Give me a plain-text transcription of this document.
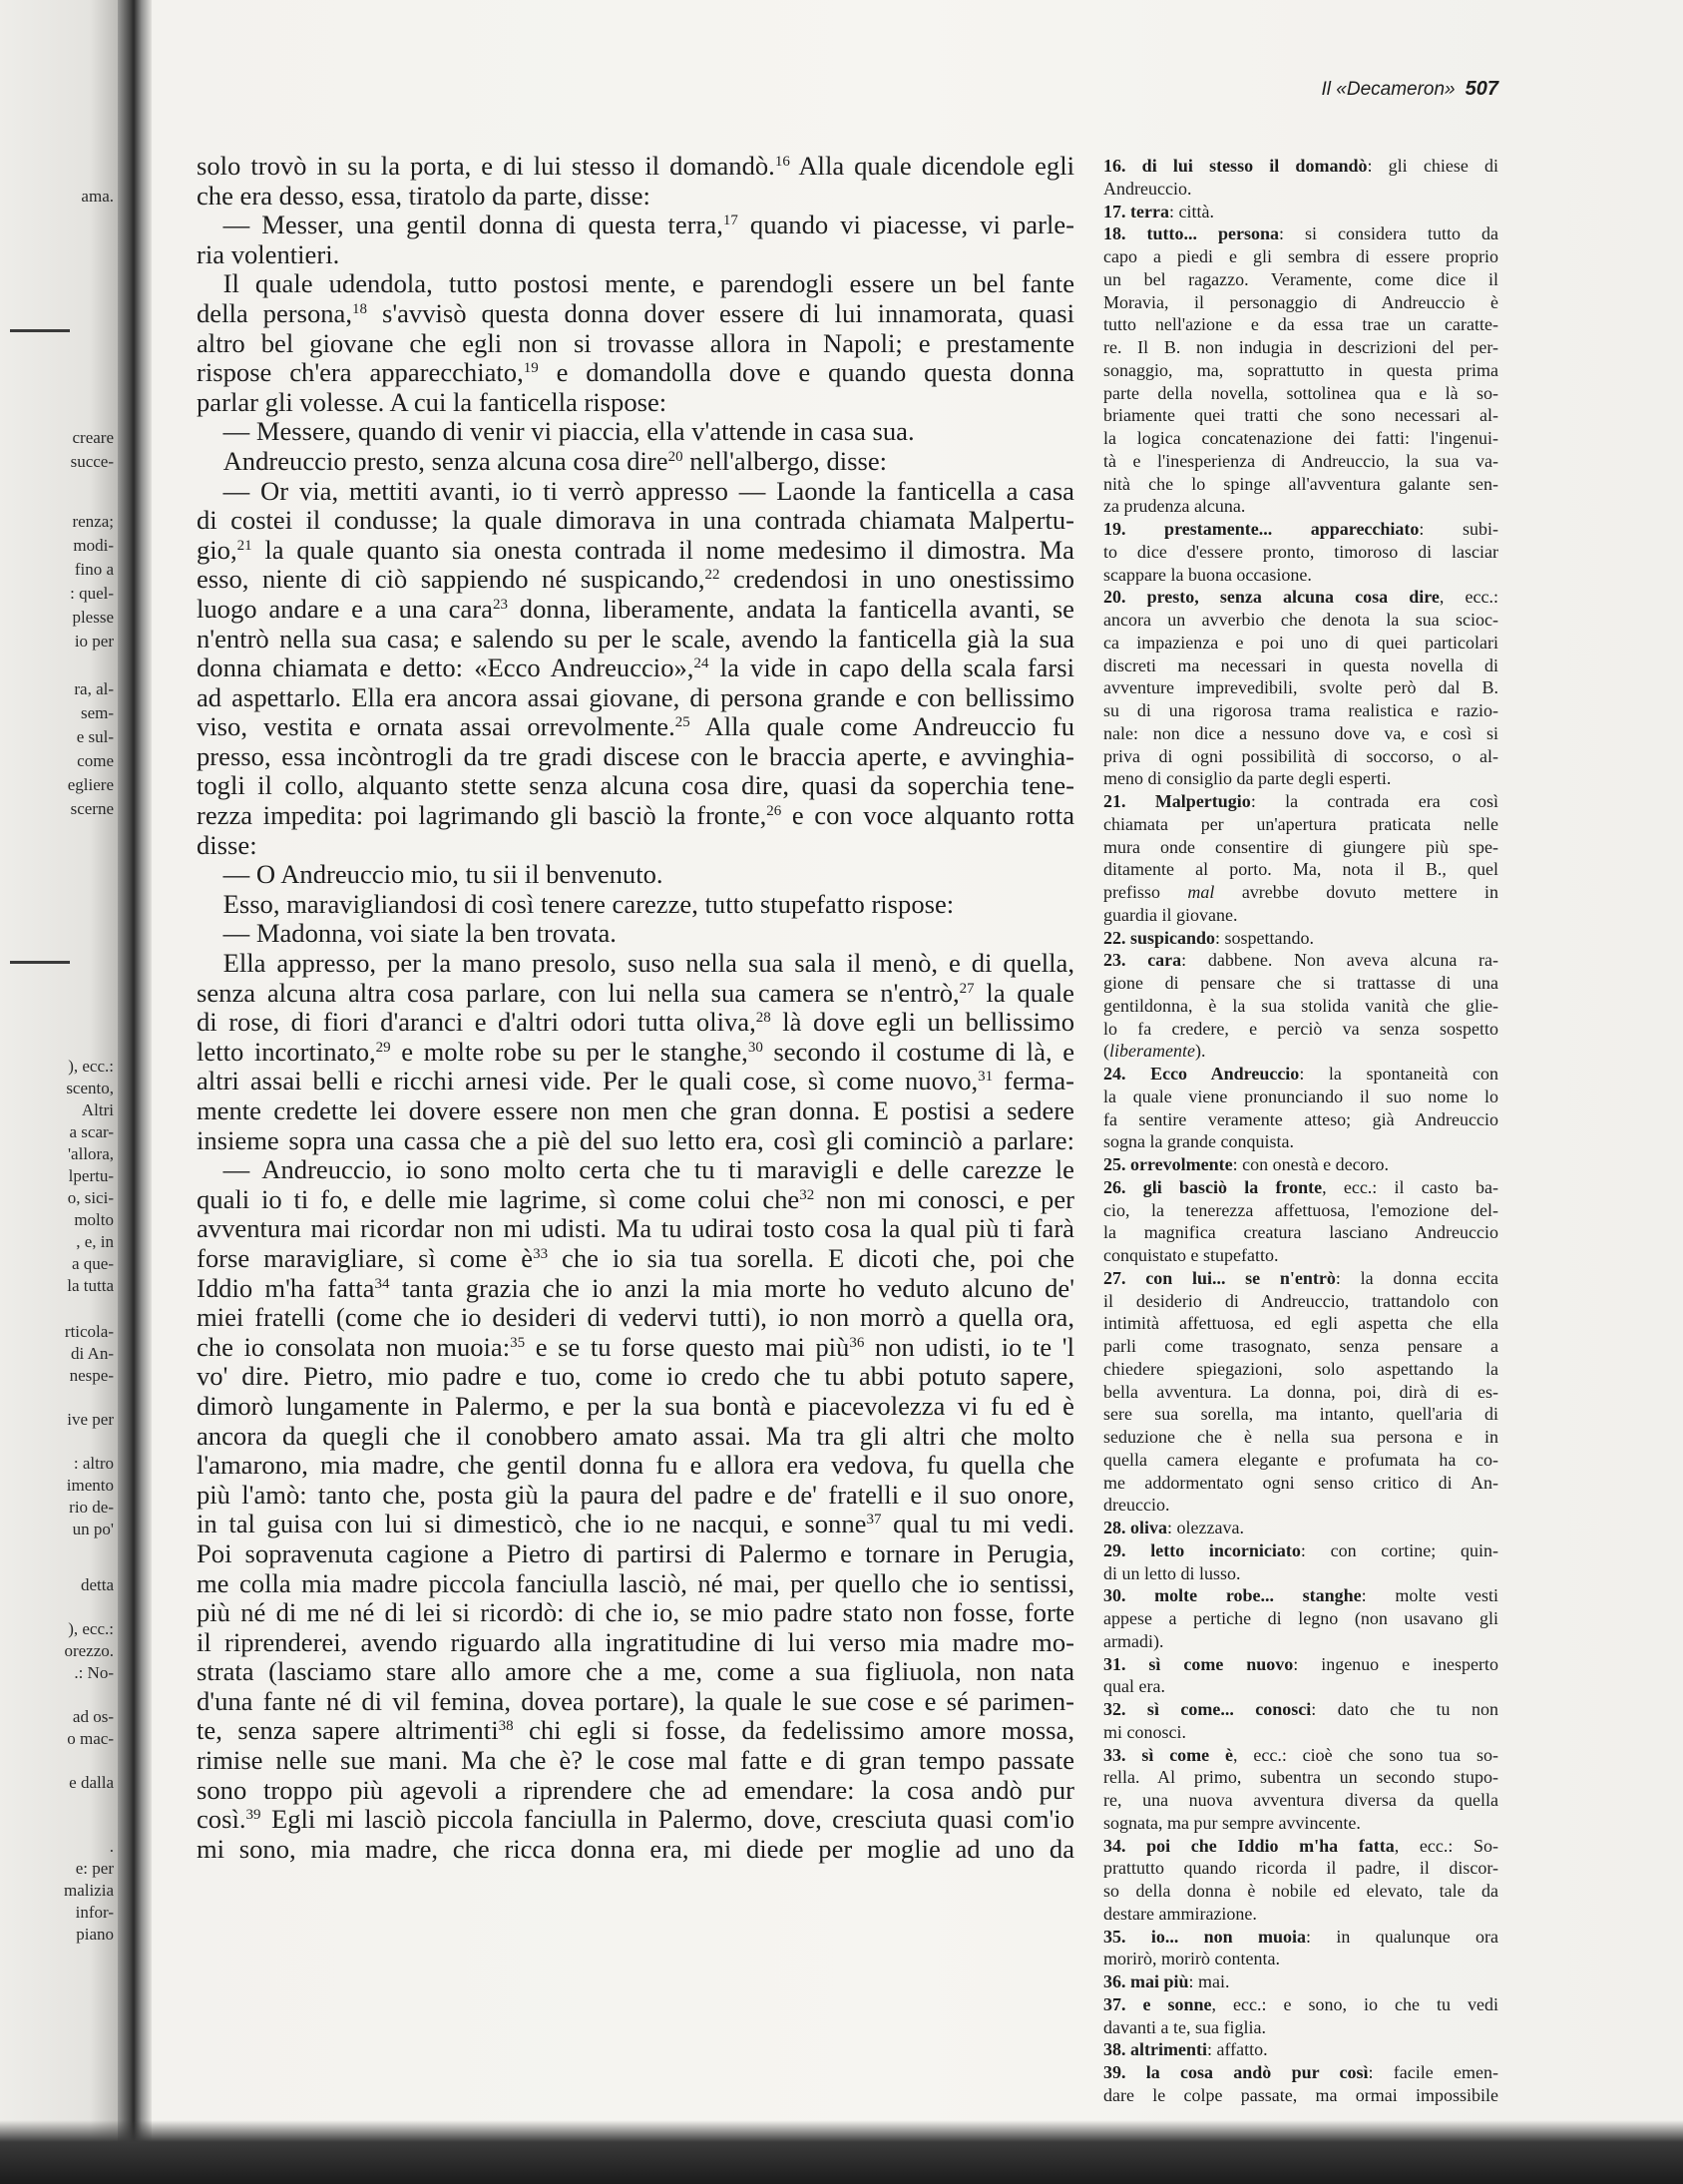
ama.
creare
succe-
renza;
modi-
fino a
: quel-
plesse
io per
ra, al-
sem-
e sul-
come
egliere
scerne
), ecc.:
scento,
Altri
a scar-
'allora,
lpertu-
o, sici-
molto
, e, in
a que-
la tutta
rticola-
di An-
nespe-
ive per
: altro
imento
rio de-
un po'
detta
), ecc.:
orezzo.
.: No-
ad os-
o mac-
e dalla
.
e: per
malizia
infor-
piano
Il «Decameron» 507
solo trovò in su la porta, e di lui stesso il domandò.$^{16}$ Alla quale dicendole egli
che era desso, essa, tiratolo da parte, disse:
 — Messer, una gentil donna di questa terra,$^{17}$ quando vi piacesse, vi parle-
ria volentieri.
 Il quale udendola, tutto postosi mente, e parendogli essere un bel fante
della persona,$^{18}$ s'avvisò questa donna dover essere di lui innamorata, quasi
altro bel giovane che egli non si trovasse allora in Napoli; e prestamente
rispose ch'era apparecchiato,$^{19}$ e domandolla dove e quando questa donna
parlar gli volesse. A cui la fanticella rispose:
 — Messere, quando di venir vi piaccia, ella v'attende in casa sua.
 Andreuccio presto, senza alcuna cosa dire$^{20}$ nell'albergo, disse:
 — Or via, mettiti avanti, io ti verrò appresso — Laonde la fanticella a casa
di costei il condusse; la quale dimorava in una contrada chiamata Malpertu-
gio,$^{21}$ la quale quanto sia onesta contrada il nome medesimo il dimostra. Ma
esso, niente di ciò sappiendo né suspicando,$^{22}$ credendosi in uno onestissimo
luogo andare e a una cara$^{23}$ donna, liberamente, andata la fanticella avanti, se
n'entrò nella sua casa; e salendo su per le scale, avendo la fanticella già la sua
donna chiamata e detto: «Ecco Andreuccio»,$^{24}$ la vide in capo della scala farsi
ad aspettarlo. Ella era ancora assai giovane, di persona grande e con bellissimo
viso, vestita e ornata assai orrevolmente.$^{25}$ Alla quale come Andreuccio fu
presso, essa incòntrogli da tre gradi discese con le braccia aperte, e avvinghia-
togli il collo, alquanto stette senza alcuna cosa dire, quasi da soperchia tene-
rezza impedita: poi lagrimando gli basciò la fronte,$^{26}$ e con voce alquanto rotta
disse:
 — O Andreuccio mio, tu sii il benvenuto.
 Esso, maravigliandosi di così tenere carezze, tutto stupefatto rispose:
 — Madonna, voi siate la ben trovata.
 Ella appresso, per la mano presolo, suso nella sua sala il menò, e di quella,
senza alcuna altra cosa parlare, con lui nella sua camera se n'entrò,$^{27}$ la quale
di rose, di fiori d'aranci e d'altri odori tutta oliva,$^{28}$ là dove egli un bellissimo
letto incortinato,$^{29}$ e molte robe su per le stanghe,$^{30}$ secondo il costume di là, e
altri assai belli e ricchi arnesi vide. Per le quali cose, sì come nuovo,$^{31}$ ferma-
mente credette lei dovere essere non men che gran donna. E postisi a sedere
insieme sopra una cassa che a piè del suo letto era, così gli cominciò a parlare:
 — Andreuccio, io sono molto certa che tu ti maravigli e delle carezze le
quali io ti fo, e delle mie lagrime, sì come colui che$^{32}$ non mi conosci, e per
avventura mai ricordar non mi udisti. Ma tu udirai tosto cosa la qual più ti farà
forse maravigliare, sì come $è^{33}$ che io sia tua sorella. E dicoti che, poi che
Iddio m'ha fatta$^{34}$ tanta grazia che io anzi la mia morte ho veduto alcuno de'
miei fratelli (come che io desideri di vedervi tutti), io non morrò a quella ora,
che io consolata non muoia:$^{35}$ e se tu forse questo mai più$^{36}$ non udisti, io te 'l
vo' dire. Pietro, mio padre e tuo, come io credo che tu abbi potuto sapere,
dimorò lungamente in Palermo, e per la sua bontà e piacevolezza vi fu ed è
ancora da quegli che il conobbero amato assai. Ma tra gli altri che molto
l'amarono, mia madre, che gentil donna fu e allora era vedova, fu quella che
più l'amò: tanto che, posta giù la paura del padre e de' fratelli e il suo onore,
in tal guisa con lui si dimesticò, che io ne nacqui, e sonne$^{37}$ qual tu mi vedi.
Poi sopravenuta cagione a Pietro di partirsi di Palermo e tornare in Perugia,
me colla mia madre piccola fanciulla lasciò, né mai, per quello che io sentissi,
più né di me né di lei si ricordò: di che io, se mio padre stato non fosse, forte
il riprenderei, avendo riguardo alla ingratitudine di lui verso mia madre mo-
strata (lasciamo stare allo amore che a me, come a sua figliuola, non nata
d'una fante né di vil femina, dovea portare), la quale le sue cose e sé parimen-
te, senza sapere altrimenti$^{38}$ chi egli si fosse, da fedelissimo amore mossa,
rimise nelle sue mani. Ma che è? le cose mal fatte e di gran tempo passate
sono troppo più agevoli a riprendere che ad emendare: la cosa andò pur
così.$^{39}$ Egli mi lasciò piccola fanciulla in Palermo, dove, cresciuta quasi com'io
mi sono, mia madre, che ricca donna era, mi diede per moglie ad uno da
16. di lui stesso il domandò: gli chiese di
Andreuccio.
17. terra: città.
18. tutto... persona: si considera tutto da
capo a piedi e gli sembra di essere proprio
un bel ragazzo. Veramente, come dice il
Moravia, il personaggio di Andreuccio è
tutto nell'azione e da essa trae un caratte-
re. Il B. non indugia in descrizioni del per-
sonaggio, ma, soprattutto in questa prima
parte della novella, sottolinea qua e là so-
briamente quei tratti che sono necessari al-
la logica concatenazione dei fatti: l'ingenui-
tà e l'inesperienza di Andreuccio, la sua va-
nità che lo spinge all'avventura galante sen-
za prudenza alcuna.
19. prestamente... apparecchiato: subi-
to dice d'essere pronto, timoroso di lasciar
scappare la buona occasione.
20. presto, senza alcuna cosa dire, ecc.:
ancora un avverbio che denota la sua scioc-
ca impazienza e poi uno di quei particolari
discreti ma necessari in questa novella di
avventure imprevedibili, svolte però dal B.
su di una rigorosa trama realistica e razio-
nale: non dice a nessuno dove va, e così si
priva di ogni possibilità di soccorso, o al-
meno di consiglio da parte degli esperti.
21. Malpertugio: la contrada era così
chiamata per un'apertura praticata nelle
mura onde consentire di giungere più spe-
ditamente al porto. Ma, nota il B., quel
prefisso mal avrebbe dovuto mettere in
guardia il giovane.
22. suspicando: sospettando.
23. cara: dabbene. Non aveva alcuna ra-
gione di pensare che si trattasse di una
gentildonna, è la sua stolida vanità che glie-
lo fa credere, e perciò va senza sospetto
(liberamente).
24. Ecco Andreuccio: la spontaneità con
la quale viene pronunciando il suo nome lo
fa sentire veramente atteso; già Andreuccio
sogna la grande conquista.
25. orrevolmente: con onestà e decoro.
26. gli basciò la fronte, ecc.: il casto ba-
cio, la tenerezza affettuosa, l'emozione del-
la magnifica creatura lasciano Andreuccio
conquistato e stupefatto.
27. con lui... se n'entrò: la donna eccita
il desiderio di Andreuccio, trattandolo con
intimità affettuosa, ed egli aspetta che ella
parli come trasognato, senza pensare a
chiedere spiegazioni, solo aspettando la
bella avventura. La donna, poi, dirà di es-
sere sua sorella, ma intanto, quell'aria di
seduzione che è nella sua persona e in
quella camera elegante e profumata ha co-
me addormentato ogni senso critico di An-
dreuccio.
28. oliva: olezzava.
29. letto incorniciato: con cortine; quin-
di un letto di lusso.
30. molte robe... stanghe: molte vesti
appese a pertiche di legno (non usavano gli
armadi).
31. sì come nuovo: ingenuo e inesperto
qual era.
32. sì come... conosci: dato che tu non
mi conosci.
33. sì come è, ecc.: cioè che sono tua so-
rella. Al primo, subentra un secondo stupo-
re, una nuova avventura diversa da quella
sognata, ma pur sempre avvincente.
34. poi che Iddio m'ha fatta, ecc.: So-
prattutto quando ricorda il padre, il discor-
so della donna è nobile ed elevato, tale da
destare ammirazione.
35. io... non muoia: in qualunque ora
morirò, morirò contenta.
36. mai più: mai.
37. e sonne, ecc.: e sono, io che tu vedi
davanti a te, sua figlia.
38. altrimenti: affatto.
39. la cosa andò pur così: facile emen-
dare le colpe passate, ma ormai impossibile
